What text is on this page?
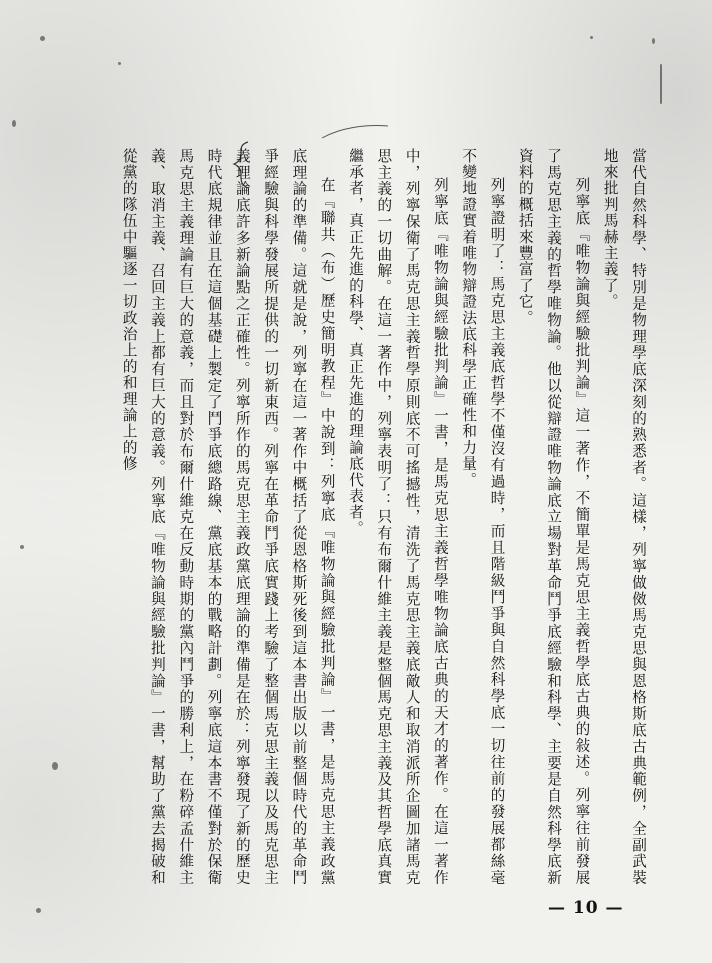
當代自然科學、特別是物理學底深刻的熟悉者。這樣，列寧做傚馬克思與恩格斯底古典範例，全副武裝地來批判馬赫主義了。

列寧底『唯物論與經驗批判論』這一著作，不簡單是馬克思主義哲學底古典的敍述。列寧往前發展了馬克思主義的哲學唯物論。他以從辯證唯物論底立場對革命鬥爭底經驗和科學、主要是自然科學底新資料的概括來豐富了它。

列寧證明了：馬克思主義底哲學不僅沒有過時，而且階級鬥爭與自然科學底一切往前的發展都絲毫不變地證實着唯物辯證法底科學正確性和力量。

列寧底『唯物論與經驗批判論』一書，是馬克思主義哲學唯物論底古典的天才的著作。在這一著作中，列寧保衛了馬克思主義哲學原則底不可搖撼性，清洗了馬克思主義底敵人和取消派所企圖加諸馬克思主義的一切曲解。在這一著作中，列寧表明了：只有布爾什維主義是整個馬克思主義及其哲學底真實繼承者，真正先進的科學、真正先進的理論底代表者。

在『聯共（布）歷史簡明教程』中說到：列寧底『唯物論與經驗批判論』一書，是馬克思主義政黨底理論的準備。這就是說，列寧在這一著作中概括了從恩格斯死後到這本書出版以前整個時代的革命鬥爭經驗與科學發展所提供的一切新東西。列寧在革命鬥爭底實踐上考驗了整個馬克思主義以及馬克思主義理論底許多新論點之正確性。列寧所作的馬克思主義政黨底理論的準備是在於：列寧發現了新的歷史時代底規律並且在這個基礎上製定了鬥爭底總路線、黨底基本的戰略計劃。列寧底這本書不僅對於保衛馬克思主義理論有巨大的意義，而且對於布爾什維克在反動時期的黨內鬥爭的勝利上，在粉碎孟什維主義、取消主義、召回主義上都有巨大的意義。列寧底『唯物論與經驗批判論』一書，幫助了黨去揭破和從黨的隊伍中驅逐一切政治上的和理論上的修

— 10 —
